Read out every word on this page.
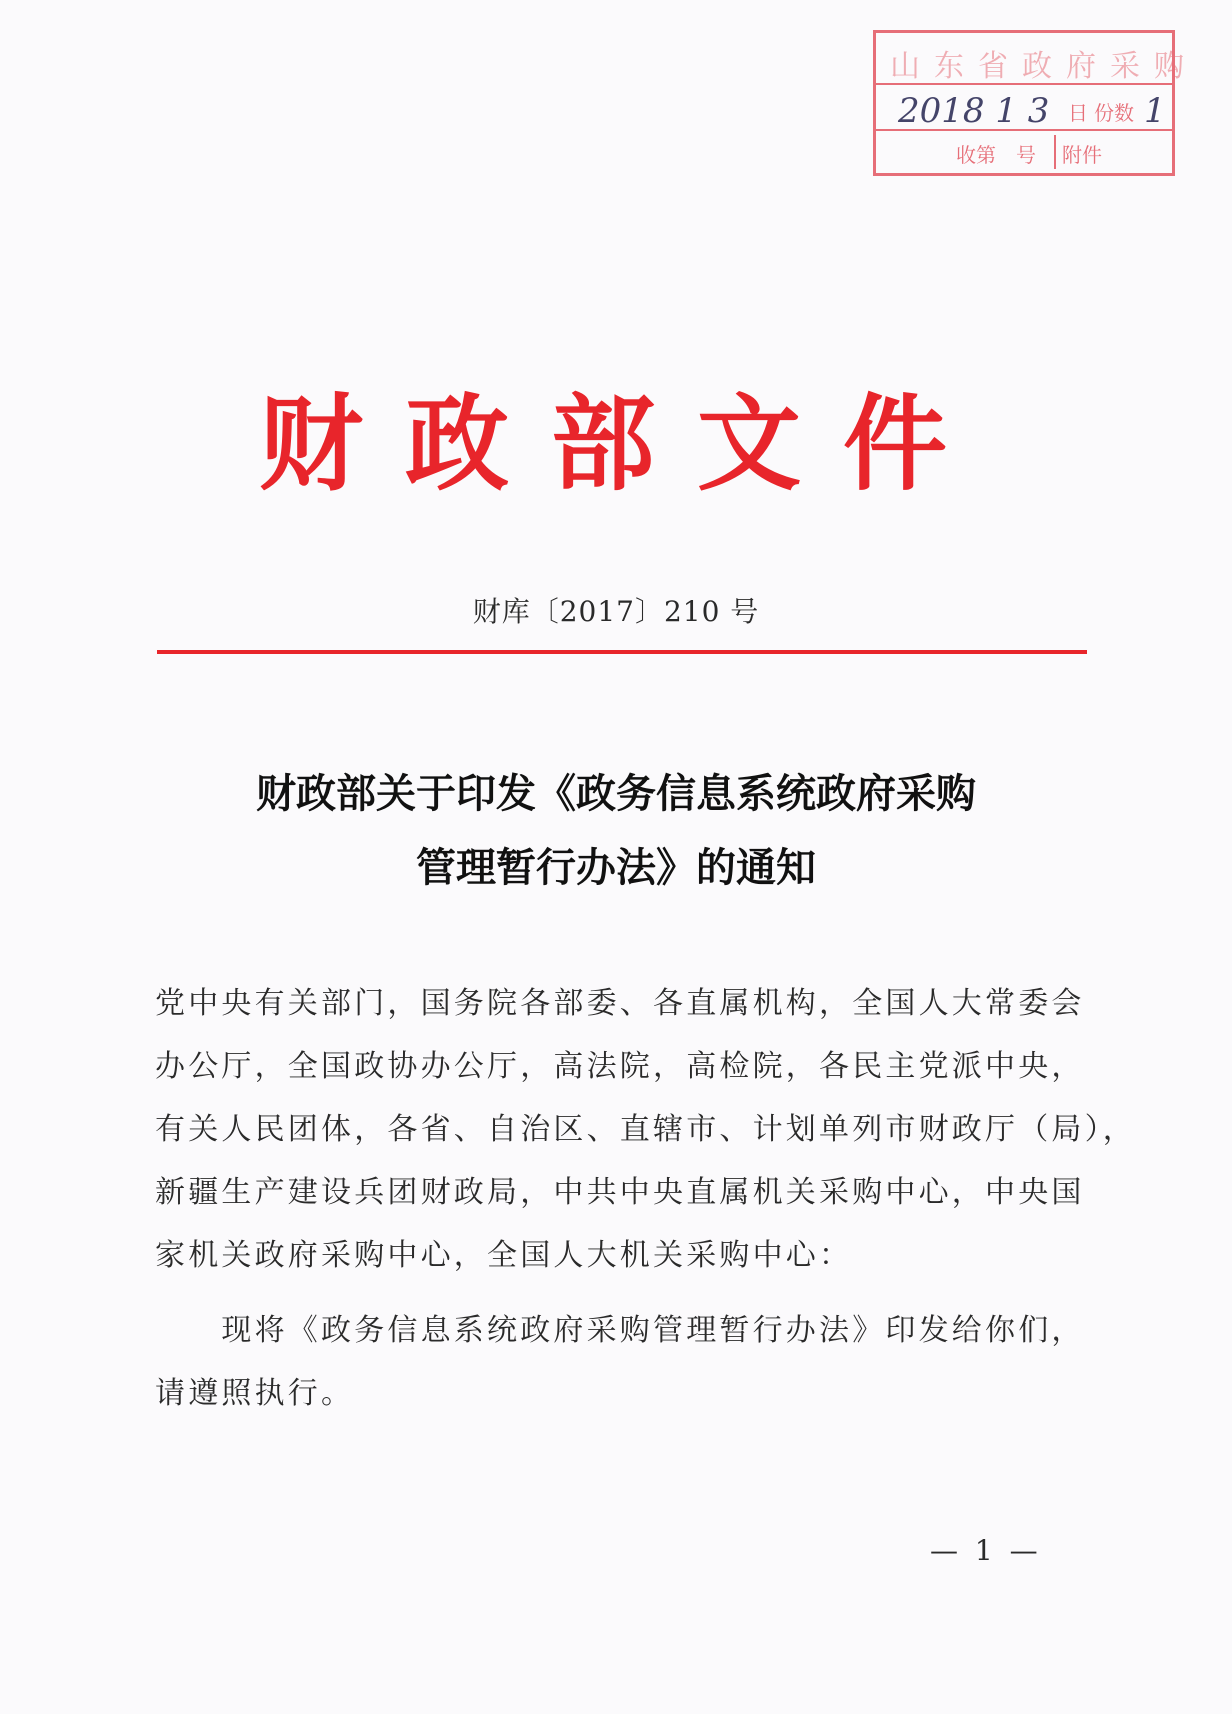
山东省政府采购
2018 1 3 日 份数 1
收第　号 附件
财政部文件
财库〔2017〕210 号
财政部关于印发《政务信息系统政府采购
管理暂行办法》的通知
党中央有关部门，国务院各部委、各直属机构，全国人大常委会
办公厅，全国政协办公厅，高法院，高检院，各民主党派中央，
有关人民团体，各省、自治区、直辖市、计划单列市财政厅（局），
新疆生产建设兵团财政局，中共中央直属机关采购中心，中央国
家机关政府采购中心，全国人大机关采购中心：
　　现将《政务信息系统政府采购管理暂行办法》印发给你们，
请遵照执行。
— 1 —
